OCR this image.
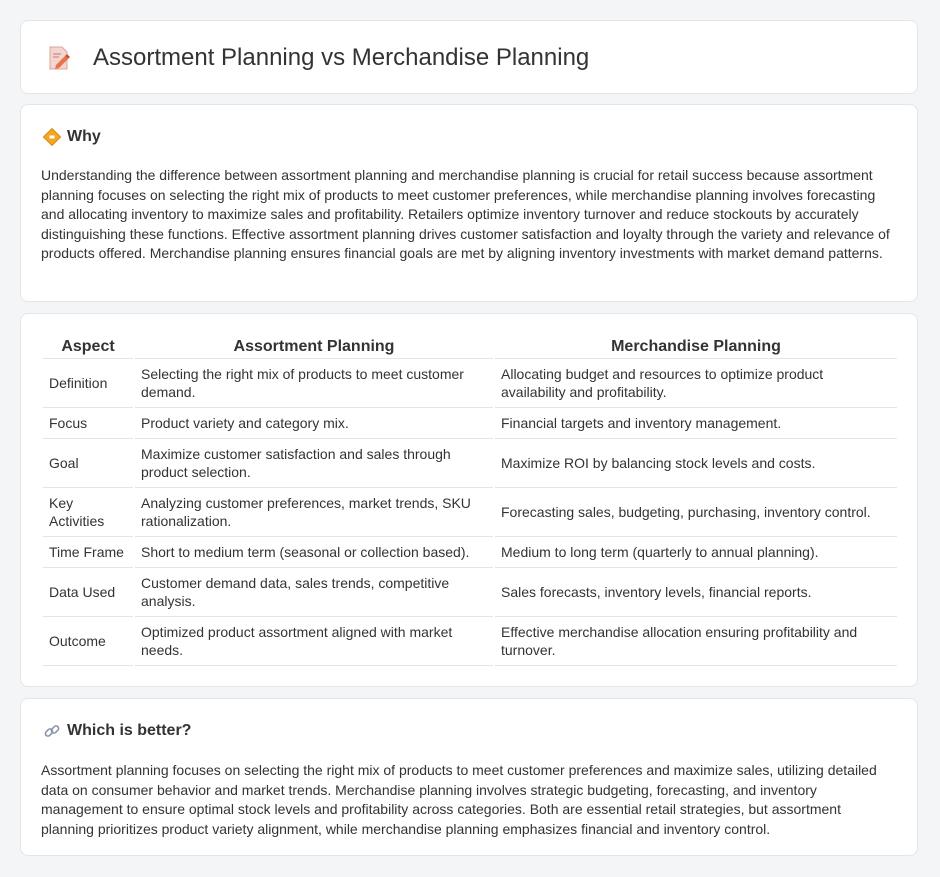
Assortment Planning vs Merchandise Planning
Why

Understanding the difference between assortment planning and merchandise planning is crucial for retail success because assortment planning focuses on selecting the right mix of products to meet customer preferences, while merchandise planning involves forecasting and allocating inventory to maximize sales and profitability. Retailers optimize inventory turnover and reduce stockouts by accurately distinguishing these functions. Effective assortment planning drives customer satisfaction and loyalty through the variety and relevance of products offered. Merchandise planning ensures financial goals are met by aligning inventory investments with market demand patterns.

Aspect	Assortment Planning	Merchandise Planning
Definition	Selecting the right mix of products to meet customer demand.	Allocating budget and resources to optimize product availability and profitability.
Focus	Product variety and category mix.	Financial targets and inventory management.
Goal	Maximize customer satisfaction and sales through product selection.	Maximize ROI by balancing stock levels and costs.
Key Activities	Analyzing customer preferences, market trends, SKU rationalization.	Forecasting sales, budgeting, purchasing, inventory control.
Time Frame	Short to medium term (seasonal or collection based).	Medium to long term (quarterly to annual planning).
Data Used	Customer demand data, sales trends, competitive analysis.	Sales forecasts, inventory levels, financial reports.
Outcome	Optimized product assortment aligned with market needs.	Effective merchandise allocation ensuring profitability and turnover.
Which is better?

Assortment planning focuses on selecting the right mix of products to meet customer preferences and maximize sales, utilizing detailed data on consumer behavior and market trends. Merchandise planning involves strategic budgeting, forecasting, and inventory management to ensure optimal stock levels and profitability across categories. Both are essential retail strategies, but assortment planning prioritizes product variety alignment, while merchandise planning emphasizes financial and inventory control.
